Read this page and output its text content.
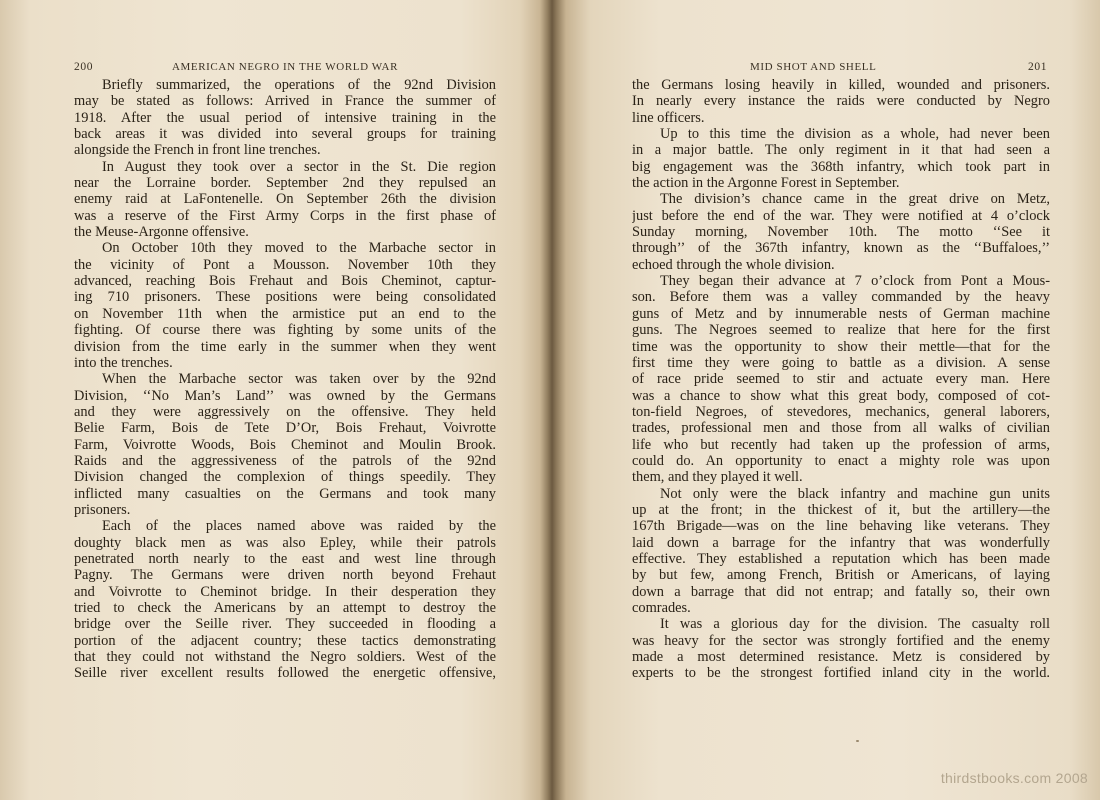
200	AMERICAN NEGRO IN THE WORLD WAR
Briefly summarized, the operations of the 92nd Division
may be stated as follows: Arrived in France the summer of
1918. After the usual period of intensive training in the
back areas it was divided into several groups for training
alongside the French in front line trenches.
In August they took over a sector in the St. Die region
near the Lorraine border. September 2nd they repulsed an
enemy raid at LaFontenelle. On September 26th the division
was a reserve of the First Army Corps in the first phase of
the Meuse-Argonne offensive.
On October 10th they moved to the Marbache sector in
the vicinity of Pont a Mousson. November 10th they
advanced, reaching Bois Frehaut and Bois Cheminot, captur-
ing 710 prisoners. These positions were being consolidated
on November 11th when the armistice put an end to the
fighting. Of course there was fighting by some units of the
division from the time early in the summer when they went
into the trenches.
When the Marbache sector was taken over by the 92nd
Division, ‘‘No Man’s Land’’ was owned by the Germans
and they were aggressively on the offensive. They held
Belie Farm, Bois de Tete D’Or, Bois Frehaut, Voivrotte
Farm, Voivrotte Woods, Bois Cheminot and Moulin Brook.
Raids and the aggressiveness of the patrols of the 92nd
Division changed the complexion of things speedily. They
inflicted many casualties on the Germans and took many
prisoners.
Each of the places named above was raided by the
doughty black men as was also Epley, while their patrols
penetrated north nearly to the east and west line through
Pagny. The Germans were driven north beyond Frehaut
and Voivrotte to Cheminot bridge. In their desperation they
tried to check the Americans by an attempt to destroy the
bridge over the Seille river. They succeeded in flooding a
portion of the adjacent country; these tactics demonstrating
that they could not withstand the Negro soldiers. West of the
Seille river excellent results followed the energetic offensive,
MID SHOT AND SHELL	201
the Germans losing heavily in killed, wounded and prisoners.
In nearly every instance the raids were conducted by Negro
line officers.
Up to this time the division as a whole, had never been
in a major battle. The only regiment in it that had seen a
big engagement was the 368th infantry, which took part in
the action in the Argonne Forest in September.
The division’s chance came in the great drive on Metz,
just before the end of the war. They were notified at 4 o’clock
Sunday morning, November 10th. The motto ‘‘See it
through’’ of the 367th infantry, known as the ‘‘Buffaloes,’’
echoed through the whole division.
They began their advance at 7 o’clock from Pont a Mous-
son. Before them was a valley commanded by the heavy
guns of Metz and by innumerable nests of German machine
guns. The Negroes seemed to realize that here for the first
time was the opportunity to show their mettle—that for the
first time they were going to battle as a division. A sense
of race pride seemed to stir and actuate every man. Here
was a chance to show what this great body, composed of cot-
ton-field Negroes, of stevedores, mechanics, general laborers,
trades, professional men and those from all walks of civilian
life who but recently had taken up the profession of arms,
could do. An opportunity to enact a mighty role was upon
them, and they played it well.
Not only were the black infantry and machine gun units
up at the front; in the thickest of it, but the artillery—the
167th Brigade—was on the line behaving like veterans. They
laid down a barrage for the infantry that was wonderfully
effective. They established a reputation which has been made
by but few, among French, British or Americans, of laying
down a barrage that did not entrap; and fatally so, their own
comrades.
It was a glorious day for the division. The casualty roll
was heavy for the sector was strongly fortified and the enemy
made a most determined resistance. Metz is considered by
experts to be the strongest fortified inland city in the world.
thirdstbooks.com 2008
